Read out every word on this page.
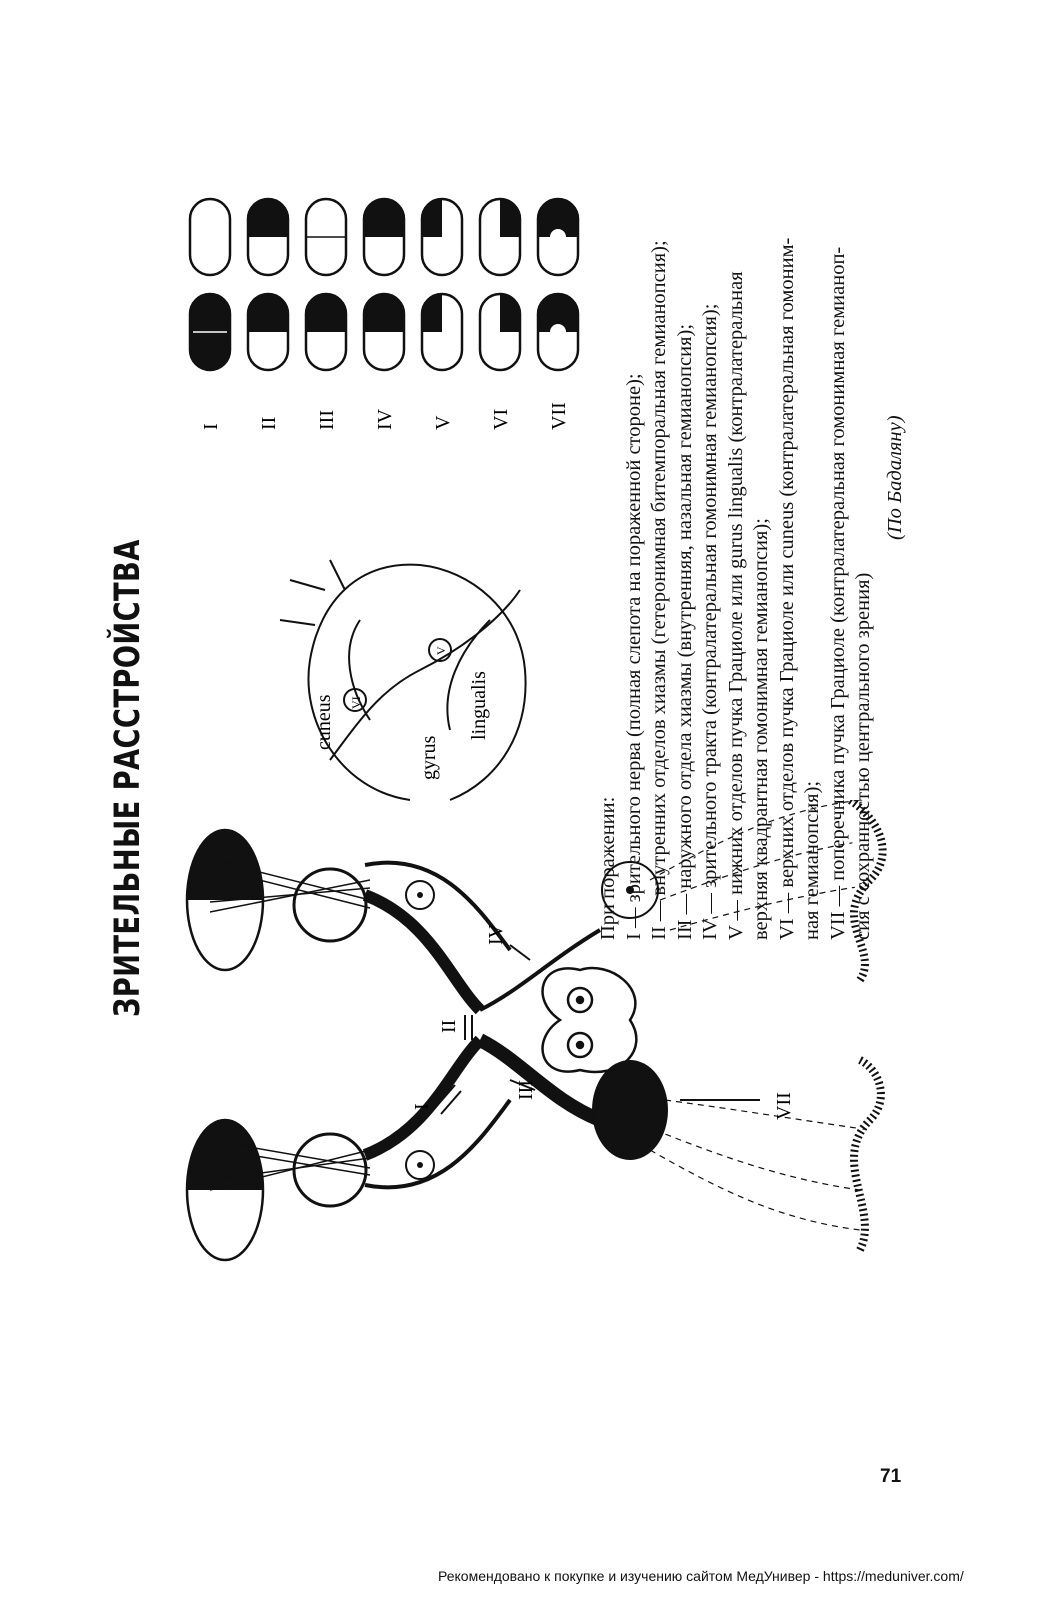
ЗРИТЕЛЬНЫЕ РАССТРОЙСТВА
I
II
III
IV
VII
cuneus
gyrus
lingualis
VI
V
I II III IV V VI VII
При поражении: I — зрительного нерва (полная слепота на пораженной стороне); II — внутренних отделов хиазмы (гетеронимная битемпоральная гемианопсия); III — наружного отдела хиазмы (внутренняя, назальная гемианопсия); IV — зрительного тракта (контралатеральная гомонимная гемианопсия); V — нижних отделов пучка Грациоле или gurus lingualis (контралатеральная верхняя квадрантная гомонимная гемианопсия); VI — верхних отделов пучка Грациоле или cuneus (контралатеральная гомоним- ная гемианопсия); VII — поперечника пучка Грациоле (контралатеральная гомонимная гемианоп- сия с сохранностью центрального зрения)
(По Бадаляну)
71
Рекомендовано к покупке и изучению сайтом МедУнивер - https://meduniver.com/
